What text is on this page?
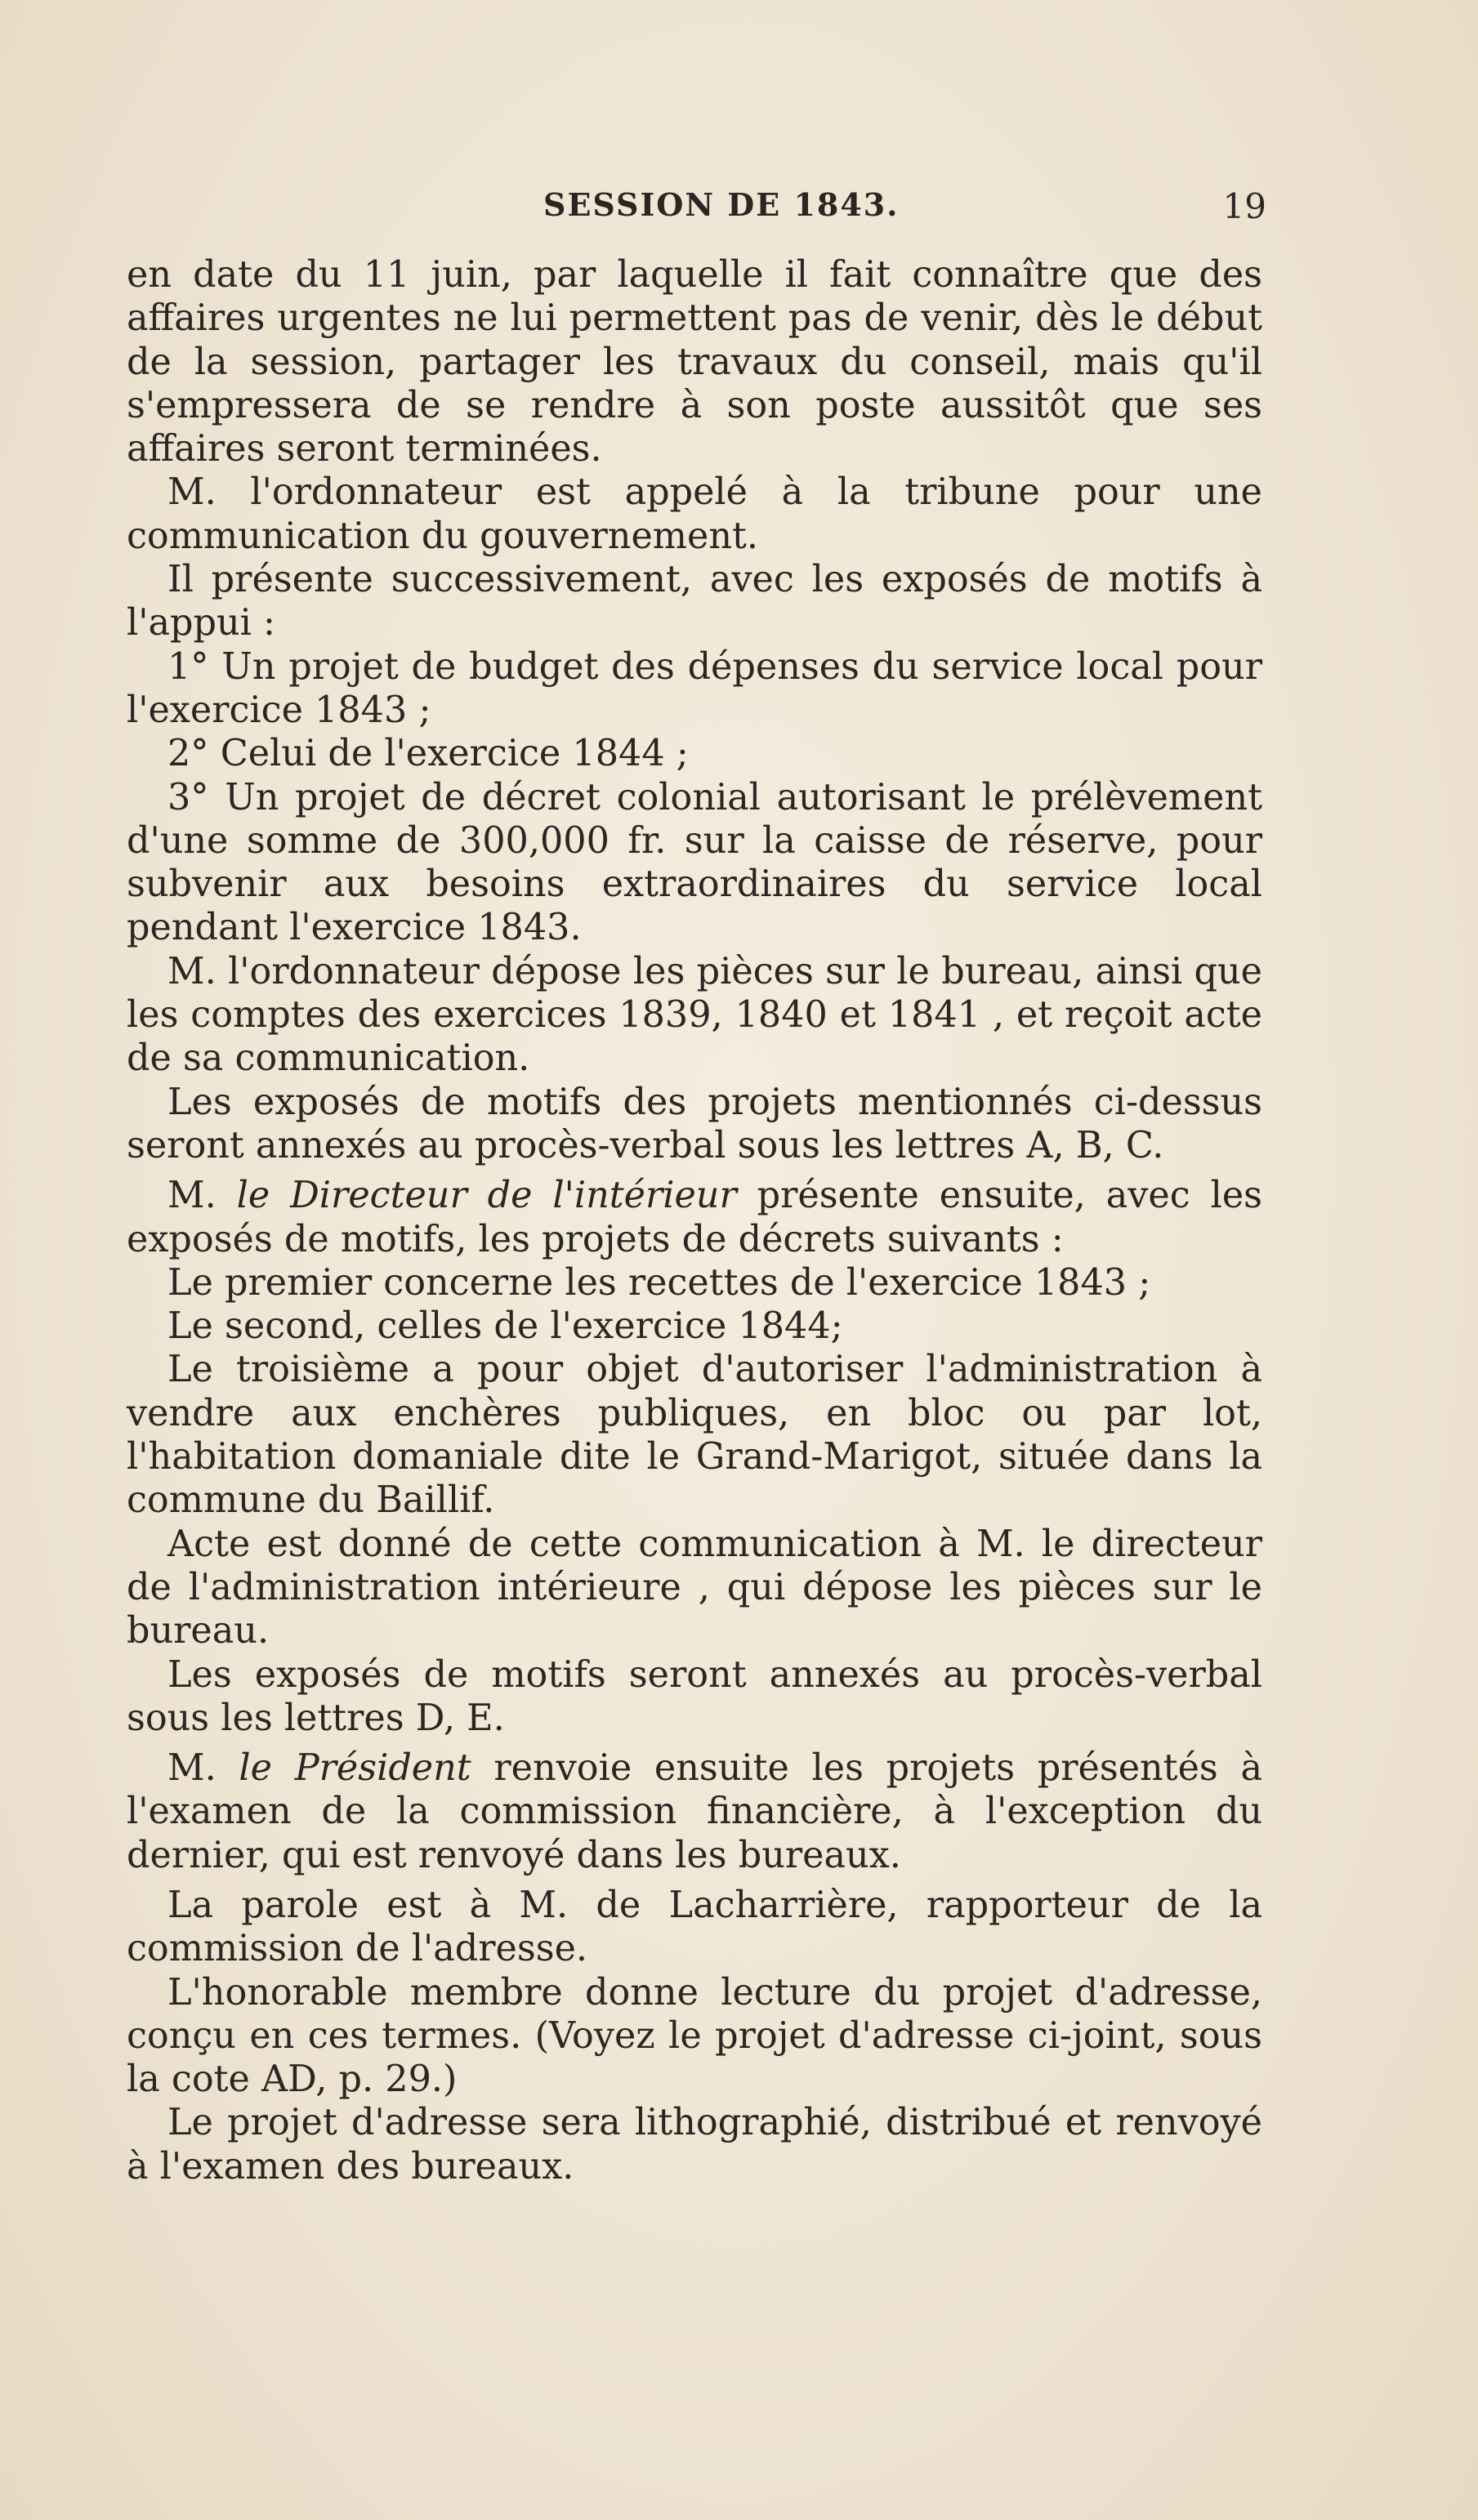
SESSION DE 1843.	19

en date du 11 juin, par laquelle il fait connaître que des affaires urgentes ne lui permettent pas de venir, dès le début de la session, partager les travaux du conseil, mais qu'il s'empressera de se rendre à son poste aussitôt que ses affaires seront terminées.

M. l'ordonnateur est appelé à la tribune pour une communication du gouvernement.

Il présente successivement, avec les exposés de motifs à l'appui :

1° Un projet de budget des dépenses du service local pour l'exercice 1843 ;

2° Celui de l'exercice 1844 ;

3° Un projet de décret colonial autorisant le prélèvement d'une somme de 300,000 fr. sur la caisse de réserve, pour subvenir aux besoins extraordinaires du service local pendant l'exercice 1843.

M. l'ordonnateur dépose les pièces sur le bureau, ainsi que les comptes des exercices 1839, 1840 et 1841 , et reçoit acte de sa communication.

Les exposés de motifs des projets mentionnés ci-dessus seront annexés au procès-verbal sous les lettres A, B, C.

M. le Directeur de l'intérieur présente ensuite, avec les exposés de motifs, les projets de décrets suivants :

Le premier concerne les recettes de l'exercice 1843 ;

Le second, celles de l'exercice 1844;

Le troisième a pour objet d'autoriser l'administration à vendre aux enchères publiques, en bloc ou par lot, l'habitation domaniale dite le Grand-Marigot, située dans la commune du Baillif.

Acte est donné de cette communication à M. le directeur de l'administration intérieure , qui dépose les pièces sur le bureau.

Les exposés de motifs seront annexés au procès-verbal sous les lettres D, E.

M. le Président renvoie ensuite les projets présentés à l'examen de la commission financière, à l'exception du dernier, qui est renvoyé dans les bureaux.

La parole est à M. de Lacharrière, rapporteur de la commission de l'adresse.

L'honorable membre donne lecture du projet d'adresse, conçu en ces termes. (Voyez le projet d'adresse ci-joint, sous la cote AD, p. 29.)

Le projet d'adresse sera lithographié, distribué et renvoyé à l'examen des bureaux.
